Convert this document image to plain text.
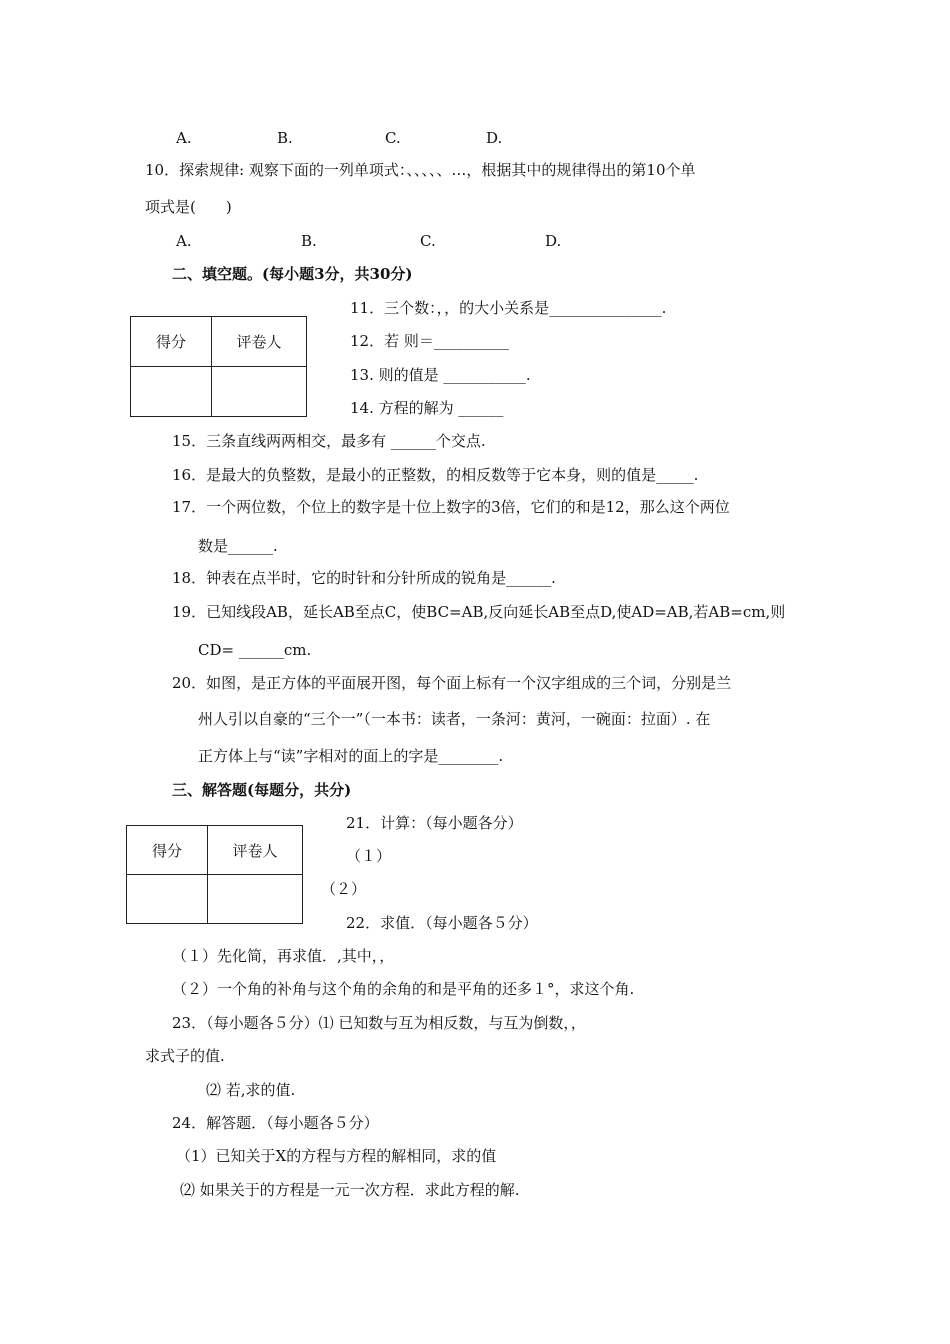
A.	B.	C.	D.
10．探索规律: 观察下面的一列单项式：、、、、、…，根据其中的规律得出的第10个单
项式是(　　)
A.	B.	C.	D.
二、填空题。(每小题3分，共30分)
得分	评卷人

11．三个数：，，的大小关系是_______________.
12．若 则＝__________
13. 则的值是 ___________.
14. 方程的解为 ______
15．三条直线两两相交，最多有 ______个交点.
16．是最大的负整数，是最小的正整数，的相反数等于它本身，则的值是_____.
17．一个两位数，个位上的数字是十位上数字的3倍，它们的和是12，那么这个两位
数是______.
18．钟表在点半时，它的时针和分针所成的锐角是______.
19．已知线段AB，延长AB至点C，使BC=AB,反向延长AB至点D,使AD=AB,若AB=cm,则
CD= ______cm.
20．如图，是正方体的平面展开图，每个面上标有一个汉字组成的三个词，分别是兰
州人引以自豪的“三个一”（一本书：读者，一条河：黄河，一碗面：拉面）. 在
正方体上与“读”字相对的面上的字是________.
三、解答题(每题分，共分)
得分	评卷人

21．计算：（每小题各分）
（１）
（２）
22．求值．（每小题各５分）
（１）先化简，再求值．,其中，，
（２）一个角的补角与这个角的余角的和是平角的还多１°，求这个角.
23．（每小题各５分）⑴ 已知数与互为相反数，与互为倒数，，
求式子的值.
⑵ 若,求的值.
24．解答题．（每小题各５分）
（1）已知关于X的方程与方程的解相同，求的值
⑵ 如果关于的方程是一元一次方程．求此方程的解.
